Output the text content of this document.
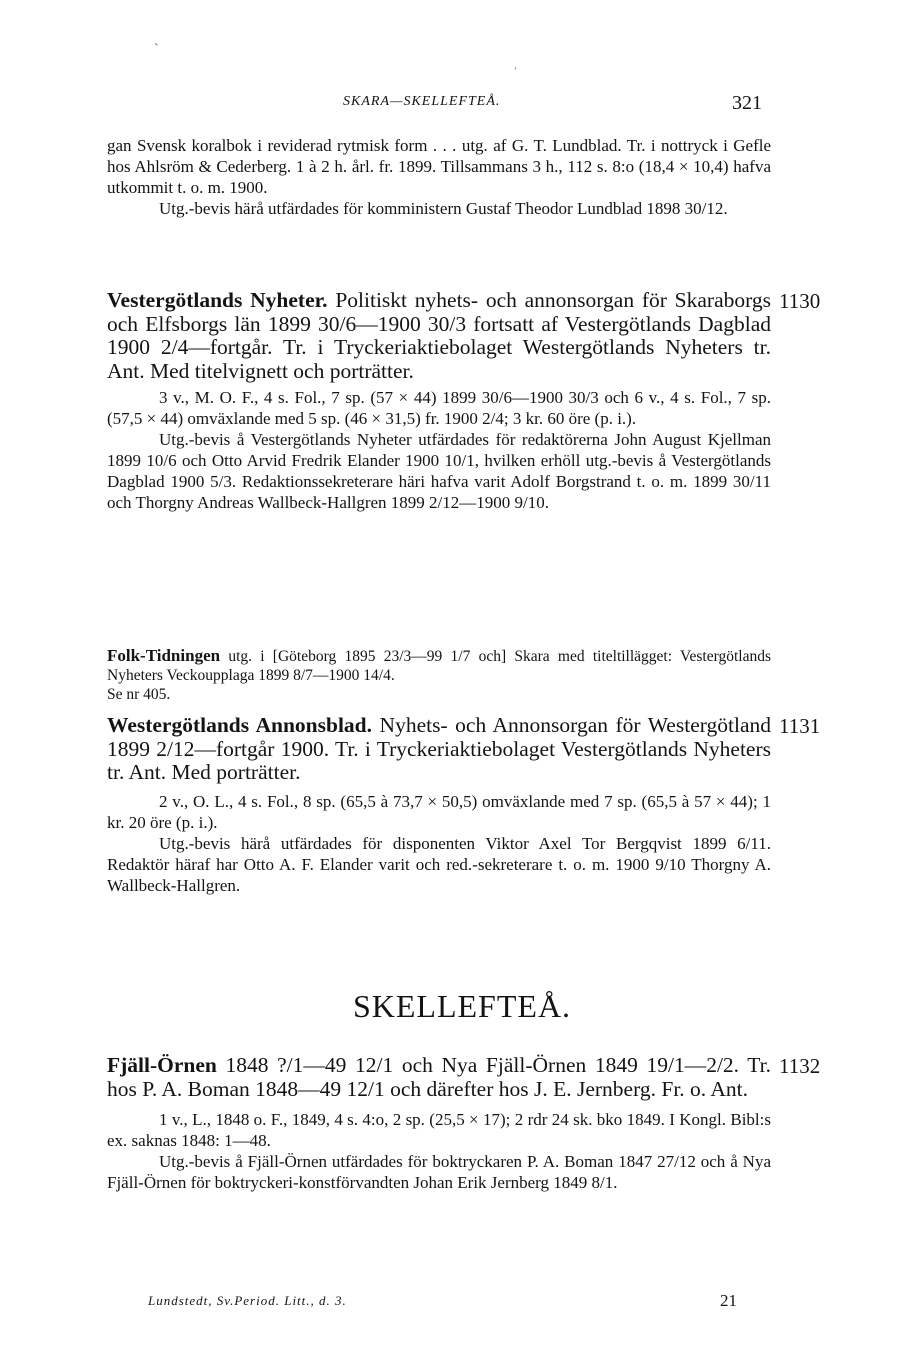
ˋ
ˈ
SKARA—SKELLEFTEÅ.	321

gan Svensk koralbok i reviderad rytmisk form . . . utg. af G. T. Lundblad. Tr. i nottryck i Gefle hos Ahlsröm & Cederberg. 1 à 2 h. årl. fr. 1899. Tillsammans 3 h., 112 s. 8:o (18,4 × 10,4) hafva utkommit t. o. m. 1900.

Utg.-bevis härå utfärdades för komministern Gustaf Theodor Lundblad 1898 30/12.

1130

Vestergötlands Nyheter. Politiskt nyhets- och annonsorgan för Skaraborgs och Elfsborgs län 1899 30/6—1900 30/3 fortsatt af Vestergötlands Dagblad 1900 2/4—fortgår. Tr. i Tryckeriaktiebolaget Westergötlands Nyheters tr. Ant. Med titelvignett och porträtter.

3 v., M. O. F., 4 s. Fol., 7 sp. (57 × 44) 1899 30/6—1900 30/3 och 6 v., 4 s. Fol., 7 sp. (57,5 × 44) omväxlande med 5 sp. (46 × 31,5) fr. 1900 2/4; 3 kr. 60 öre (p. i.).

Utg.-bevis å Vestergötlands Nyheter utfärdades för redaktörerna John August Kjellman 1899 10/6 och Otto Arvid Fredrik Elander 1900 10/1, hvilken erhöll utg.-bevis å Vestergötlands Dagblad 1900 5/3. Redaktionssekreterare häri hafva varit Adolf Borgstrand t. o. m. 1899 30/11 och Thorgny Andreas Wallbeck-Hallgren 1899 2/12—1900 9/10.

Folk-Tidningen utg. i [Göteborg 1895 23/3—99 1/7 och] Skara med titeltillägget: Vestergötlands Nyheters Veckoupplaga 1899 8/7—1900 14/4.

Se nr 405.

1131

Westergötlands Annonsblad. Nyhets- och Annonsorgan för Westergötland 1899 2/12—fortgår 1900. Tr. i Tryckeriaktiebolaget Vestergötlands Nyheters tr. Ant. Med porträtter.

2 v., O. L., 4 s. Fol., 8 sp. (65,5 à 73,7 × 50,5) omväxlande med 7 sp. (65,5 à 57 × 44); 1 kr. 20 öre (p. i.).

Utg.-bevis härå utfärdades för disponenten Viktor Axel Tor Bergqvist 1899 6/11. Redaktör häraf har Otto A. F. Elander varit och red.-sekreterare t. o. m. 1900 9/10 Thorgny A. Wallbeck-Hallgren.

SKELLEFTEÅ.
1132

Fjäll-Örnen 1848 ?/1—49 12/1 och Nya Fjäll-Örnen 1849 19/1—2/2. Tr. hos P. A. Boman 1848—49 12/1 och därefter hos J. E. Jernberg. Fr. o. Ant.

1 v., L., 1848 o. F., 1849, 4 s. 4:o, 2 sp. (25,5 × 17); 2 rdr 24 sk. bko 1849. I Kongl. Bibl:s ex. saknas 1848: 1—48.

Utg.-bevis å Fjäll-Örnen utfärdades för boktryckaren P. A. Boman 1847 27/12 och å Nya Fjäll-Örnen för boktryckeri-konstförvandten Johan Erik Jernberg 1849 8/1.

Lundstedt, Sv.Period. Litt., d. 3.	21
